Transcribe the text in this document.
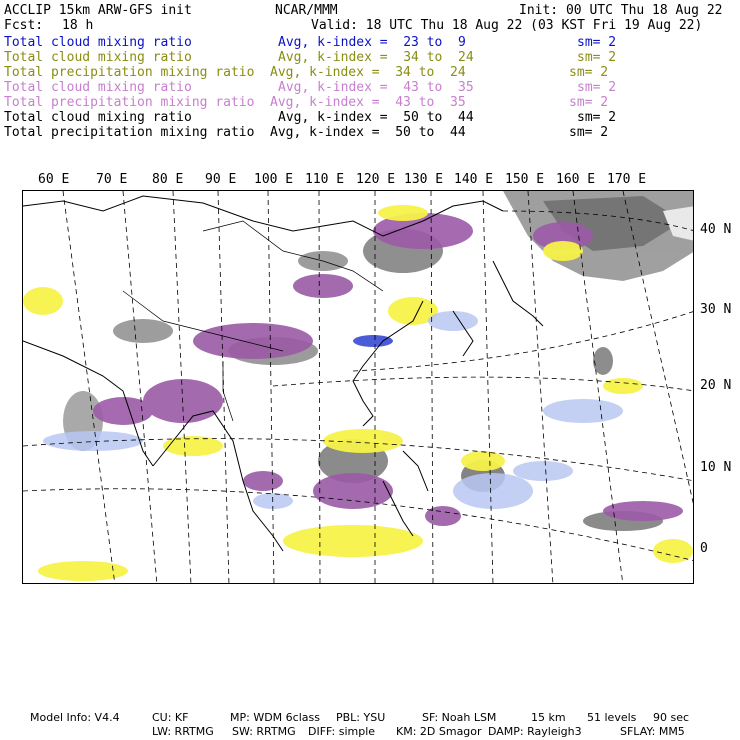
ACCLIP 15km ARW-GFS init	NCAR/MMM	Init: 00 UTC Thu 18 Aug 22
Fcst: 18 h	Valid: 18 UTC Thu 18 Aug 22 (03 KST Fri 19 Aug 22)
Total cloud mixing ratio	Avg, k-index =  23 to  9	sm= 2
Total cloud mixing ratio	Avg, k-index =  34 to  24	sm= 2
Total precipitation mixing ratio Avg, k-index =  34 to  24	sm= 2
Total cloud mixing ratio	Avg, k-index =  43 to  35	sm= 2
Total precipitation mixing ratio Avg, k-index =  43 to  35	sm= 2
Total cloud mixing ratio	Avg, k-index =  50 to  44	sm= 2
Total precipitation mixing ratio Avg, k-index =  50 to  44	sm= 2
60 E 70 E 80 E 90 E 100 E 110 E 120 E 130 E 140 E 150 E 160 E 170 E
40 N
30 N
20 N
10 N
0
Model Info: V4.4	CU: KF	MP: WDM 6class PBL: YSU	SF: Noah LSM	15 km 51 levels 90 sec
LW: RRTMG SW: RRTMG DIFF: simple KM: 2D Smagor DAMP: Rayleigh3	SFLAY: MM5
